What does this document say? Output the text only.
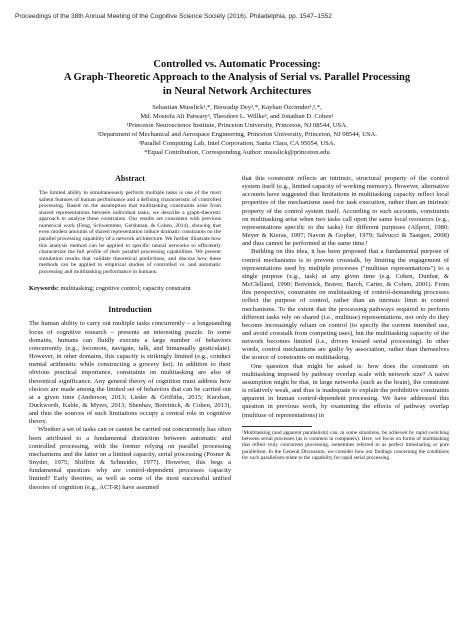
Proceedings of the 38th Annual Meeting of the Cognitive Science Society (2016). Philadelphia, pp. 1547–1552
Controlled vs. Automatic Processing:
A Graph-Theoretic Approach to the Analysis of Serial vs. Parallel Processing
in Neural Network Architectures
Sebastian Musslick¹,*, Biswadip Dey²,*, Kayhan Özcimder¹,²,*,
Md. Mostofa Ali Patwary³, Theodore L. Willke³, and Jonathan D. Cohen¹
¹Princeton Neuroscience Institute, Princeton University, Princeton, NJ 08544, USA.
²Department of Mechanical and Aerospace Engineering, Princeton University, Princeton, NJ 08544, USA.
³Parallel Computing Lab, Intel Corporation, Santa Clara, CA 95054, USA.
*Equal Contribution, Corresponding Author: musslick@princeton.edu
Abstract

The limited ability to simultaneously perform multiple tasks is one of the most salient features of human performance and a defining characteristic of controlled processing. Based on the assumption that multitasking constraints arise from shared representations between individual tasks, we describe a graph-theoretic approach to analyze these constraints. Our results are consistent with previous numerical work (Feng, Schwemmer, Gershman, & Cohen, 2014), showing that even modest amounts of shared representation induce dramatic constraints on the parallel processing capability of a network architecture. We further illustrate how this analysis method can be applied to specific neural networks to efficiently characterize the full profile of their parallel processing capabilities. We present simulation results that validate theoretical predictions, and discuss how these methods can be applied to empirical studies of controlled vs. and automatic processing and multitasking performance in humans.

Keywords: multitasking; cognitive control; capacity constraint
Introduction

The human ability to carry out multiple tasks concurrently – a longstanding focus of cognitive research – presents an interesting puzzle. In some domains, humans can fluidly execute a large number of behaviors concurrently (e.g., locomote, navigate, talk, and bimanually gesticulate). However, in other domains, this capacity is strikingly limited (e.g., conduct mental arithmetic while constructing a grocery list). In addition to their obvious practical importance, constraints on multitasking are also of theoretical significance. Any general theory of cognition must address how choices are made among the limited set of behaviors that can be carried out at a given time (Anderson, 2013; Lieder & Griffiths, 2015; Kurzban, Duckworth, Kable, & Myers, 2013; Shenhav, Botvinick, & Cohen, 2013), and thus the sources of such limitations occupy a central role in cognitive theory.

Whether a set of tasks can or cannot be carried out concurrently has often been attributed to a fundamental distinction between automatic and controlled processing, with the former relying on parallel processing mechanisms and the latter on a limited capacity, serial processing (Posner & Snyder, 1975; Shiffrin & Schneider, 1977). However, this begs a fundamental question: why are control-dependent processes capacity limited? Early theories, as well as some of the most successful unified theories of cognition (e.g., ACT-R) have assumed

that this constraint reflects an intrinsic, structural property of the control system itself (e.g., limited capacity of working memory). However, alternative accounts have suggested that limitations in multitasking capacity reflect local properties of the mechanisms used for task execution, rather than an intrinsic property of the control system itself. According to such accounts, constraints on multitasking arise when two tasks call upon the same local resources (e.g., representations specific to the tasks) for different purposes (Allport, 1980; Meyer & Kieras, 1997; Navon & Gopher, 1979; Salvucci & Taatgen, 2008) and thus cannot be performed at the same time.¹

Building on this idea, it has been proposed that a fundamental purpose of control mechanisms is to prevent crosstalk, by limiting the engagement of representations used by multiple processes ("multiuse representations") to a single purpose (e.g., task) at any given time (e.g. Cohen, Dunbar, & McClelland, 1990; Botvinick, Braver, Barch, Carter, & Cohen, 2001). From this perspective, constraints on multitasking of control-demanding processes reflect the purpose of control, rather than an intrinsic limit in control mechanisms. To the extent that the processing pathways required to perform different tasks rely on shared (i.e., multiuse) representations, not only do they become increasingly reliant on control (to specify the current intended use, and avoid crosstalk from competing uses), but the multitasking capacity of the network becomes limited (i.e., driven toward serial processing). In other words, control mechanisms are guilty by association, rather than themselves the source of constraints on multitasking.

One question that might be asked is: how does the constraint on multitasking imposed by pathway overlap scale with network size? A naive assumption might be that, in large networks (such as the brain), the constraint is relatively weak, and thus is inadequate to explain the prohibitive constraints apparent in human control-dependent processing. We have addressed this question in previous work, by examining the effects of pathway overlap (multiuse of representations) in

¹Multitasking (and apparent parallelism) can, in some situations, be achieved by rapid switching between serial processes (as is common in computers). Here, we focus on forms of multitasking that reflect truly concurrent processing, sometimes referred to as perfect timesharing or pure parallelism. In the General Discussion, we consider how our findings concerning the conditions for such parallelism relate to the capability for rapid serial processing.
